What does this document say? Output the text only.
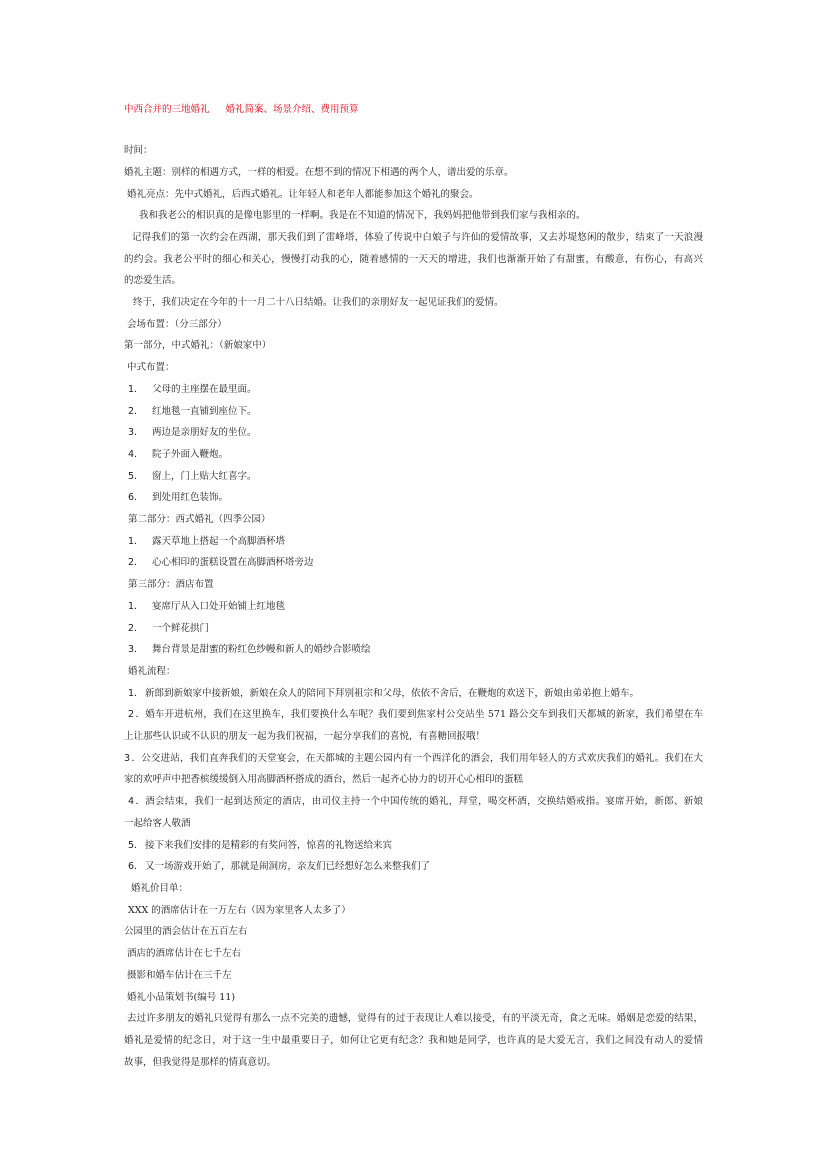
中西合并的三地婚礼 婚礼简案、场景介绍、费用预算
时间：
婚礼主题：别样的相遇方式，一样的相爱。在想不到的情况下相遇的两个人，谱出爱的乐章。
婚礼亮点：先中式婚礼，后西式婚礼。让年轻人和老年人都能参加这个婚礼的聚会。
我和我老公的相识真的是像电影里的一样啊。我是在不知道的情况下，我妈妈把他带到我们家与我相亲的。
记得我们的第一次约会在西湖，那天我们到了雷峰塔，体验了传说中白娘子与许仙的爱情故事，又去苏堤悠闲的散步，结束了一天浪漫
的约会。我老公平时的细心和关心，慢慢打动我的心，随着感情的一天天的增进，我们也渐渐开始了有甜蜜，有酸意，有伤心，有高兴
的恋爱生活。
终于，我们决定在今年的十一月二十八日结婚。让我们的亲朋好友一起见证我们的爱情。
会场布置：（分三部分）
第一部分，中式婚礼：（新娘家中）
中式布置：
1． 父母的主座摆在最里面。
2． 红地毯一直铺到座位下。
3． 两边是亲朋好友的坐位。
4． 院子外面入鞭炮。
5． 窗上，门上贴大红喜字。
6． 到处用红色装饰。
第二部分：西式婚礼（四季公园）
1． 露天草地上搭起一个高脚酒杯塔
2． 心心相印的蛋糕设置在高脚酒杯塔旁边
第三部分：酒店布置
1． 宴席厅从入口处开始铺上红地毯
2． 一个鲜花拱门
3． 舞台背景是甜蜜的粉红色纱幔和新人的婚纱合影喷绘
婚礼流程：
1．新郎到新娘家中接新娘，新娘在众人的陪同下拜别祖宗和父母，依依不舍后，在鞭炮的欢送下，新娘由弟弟抱上婚车。
2．婚车开进杭州，我们在这里换车，我们要换什么车呢？我们要到焦家村公交站坐 571 路公交车到我们天都城的新家，我们希望在车
上让那些认识或不认识的朋友一起为我们祝福，一起分享我们的喜悦，有喜糖回报哦！
3．公交进站，我们直奔我们的天堂宴会，在天都城的主题公园内有一个西洋化的酒会，我们用年轻人的方式欢庆我们的婚礼。我们在大
家的欢呼声中把香槟缓缓倒入用高脚酒杯搭成的酒台，然后一起齐心协力的切开心心相印的蛋糕
4．酒会结束，我们一起到达预定的酒店，由司仪主持一个中国传统的婚礼，拜堂，喝交杯酒，交换结婚戒指。宴席开始，新郎、新娘
一起给客人敬酒
5．接下来我们安排的是精彩的有奖问答，惊喜的礼物送给来宾
6．又一场游戏开始了，那就是闹洞房，亲友们已经想好怎么来整我们了
婚礼价目单：
XXX 的酒席估计在一万左右（因为家里客人太多了）
公园里的酒会估计在五百左右
酒店的酒席估计在七千左右
摄影和婚车估计在三千左
婚礼小品策划书(编号 11)
去过许多朋友的婚礼只觉得有那么一点不完美的遗憾，觉得有的过于表现让人难以接受，有的平淡无奇，食之无味。婚姻是恋爱的结果，
婚礼是爱情的纪念日，对于这一生中最重要日子，如何让它更有纪念？我和她是同学，也许真的是大爱无言，我们之间没有动人的爱情
故事，但我觉得是那样的情真意切。
